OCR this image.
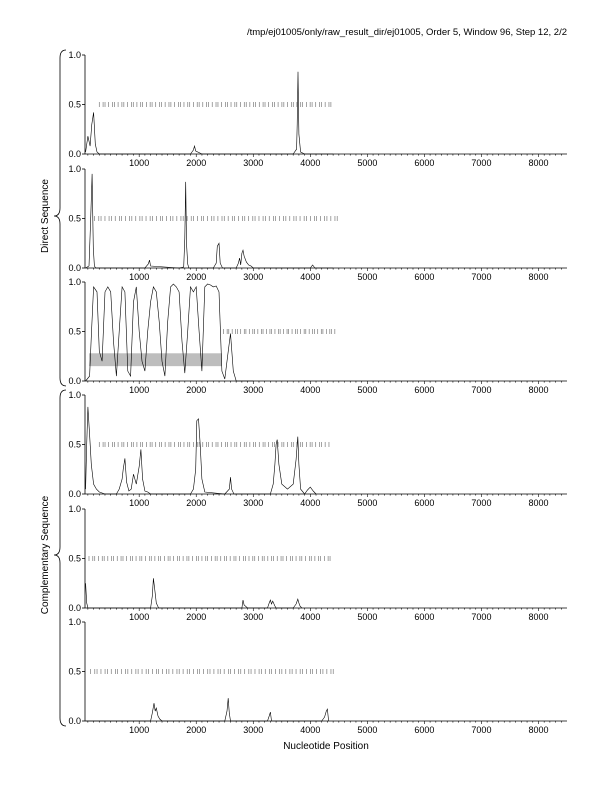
/tmp/ej01005/only/raw_result_dir/ej01005, Order 5, Window 96, Step 12, 2/2
0.0
0.5
1.0
1000	2000	3000	4000	5000	6000	7000	8000
0.0
0.5
1.0
1000	2000	3000	4000	5000	6000	7000	8000
0.0
0.5
1.0
1000	2000	3000	4000	5000	6000	7000	8000
0.0
0.5
1.0
1000	2000	3000	4000	5000	6000	7000	8000
0.0
0.5
1.0
1000	2000	3000	4000	5000	6000	7000	8000
0.0
0.5
1.0
1000	2000	3000	4000	5000	6000	7000	8000
Direct Sequence
Complementary Sequence
Nucleotide Position
